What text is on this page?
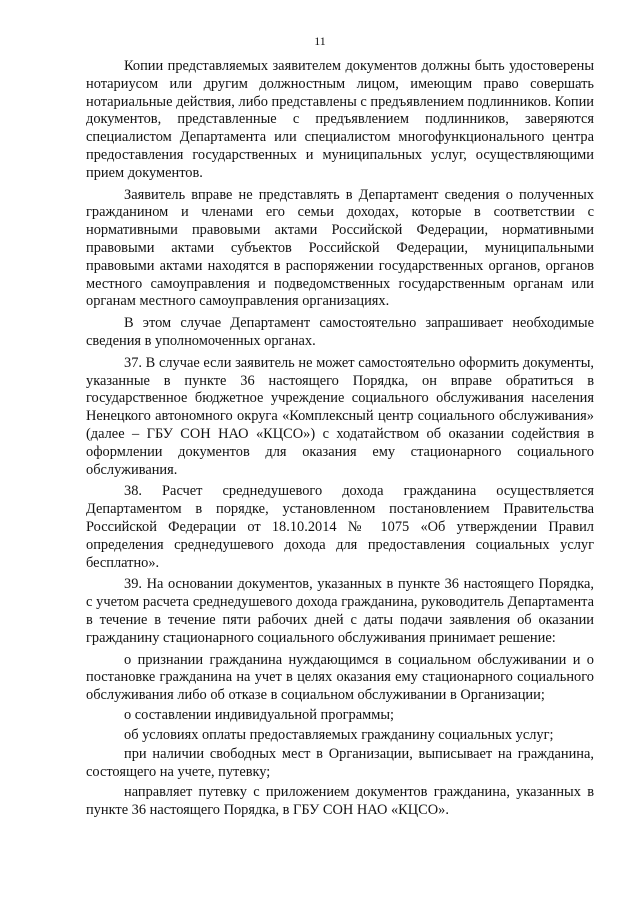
11

Копии представляемых заявителем документов должны быть удостоверены нотариусом или другим должностным лицом, имеющим право совершать нотариальные действия, либо представлены с предъявлением подлинников. Копии документов, представленные с предъявлением подлинников, заверяются специалистом Департамента или специалистом многофункционального центра предоставления государственных и муниципальных услуг, осуществляющими прием документов.

Заявитель вправе не представлять в Департамент сведения о полученных гражданином и членами его семьи доходах, которые в соответствии с нормативными правовыми актами Российской Федерации, нормативными правовыми актами субъектов Российской Федерации, муниципальными правовыми актами находятся в распоряжении государственных органов, органов местного самоуправления и подведомственных государственным органам или органам местного самоуправления организациях.

В этом случае Департамент самостоятельно запрашивает необходимые сведения в уполномоченных органах.

37. В случае если заявитель не может самостоятельно оформить документы, указанные в пункте 36 настоящего Порядка, он вправе обратиться в государственное бюджетное учреждение социального обслуживания населения Ненецкого автономного округа «Комплексный центр социального обслуживания» (далее – ГБУ СОН НАО «КЦСО») с ходатайством об оказании содействия в оформлении документов для оказания ему стационарного социального обслуживания.

38. Расчет среднедушевого дохода гражданина осуществляется Департаментом в порядке, установленном постановлением Правительства Российской Федерации от 18.10.2014 № 1075 «Об утверждении Правил определения среднедушевого дохода для предоставления социальных услуг бесплатно».

39. На основании документов, указанных в пункте 36 настоящего Порядка, с учетом расчета среднедушевого дохода гражданина, руководитель Департамента в течение в течение пяти рабочих дней с даты подачи заявления об оказании гражданину стационарного социального обслуживания принимает решение:

о признании гражданина нуждающимся в социальном обслуживании и о постановке гражданина на учет в целях оказания ему стационарного социального обслуживания либо об отказе в социальном обслуживании в Организации;

о составлении индивидуальной программы;

об условиях оплаты предоставляемых гражданину социальных услуг;

при наличии свободных мест в Организации, выписывает на гражданина, состоящего на учете, путевку;

направляет путевку с приложением документов гражданина, указанных в пункте 36 настоящего Порядка, в ГБУ СОН НАО «КЦСО».
